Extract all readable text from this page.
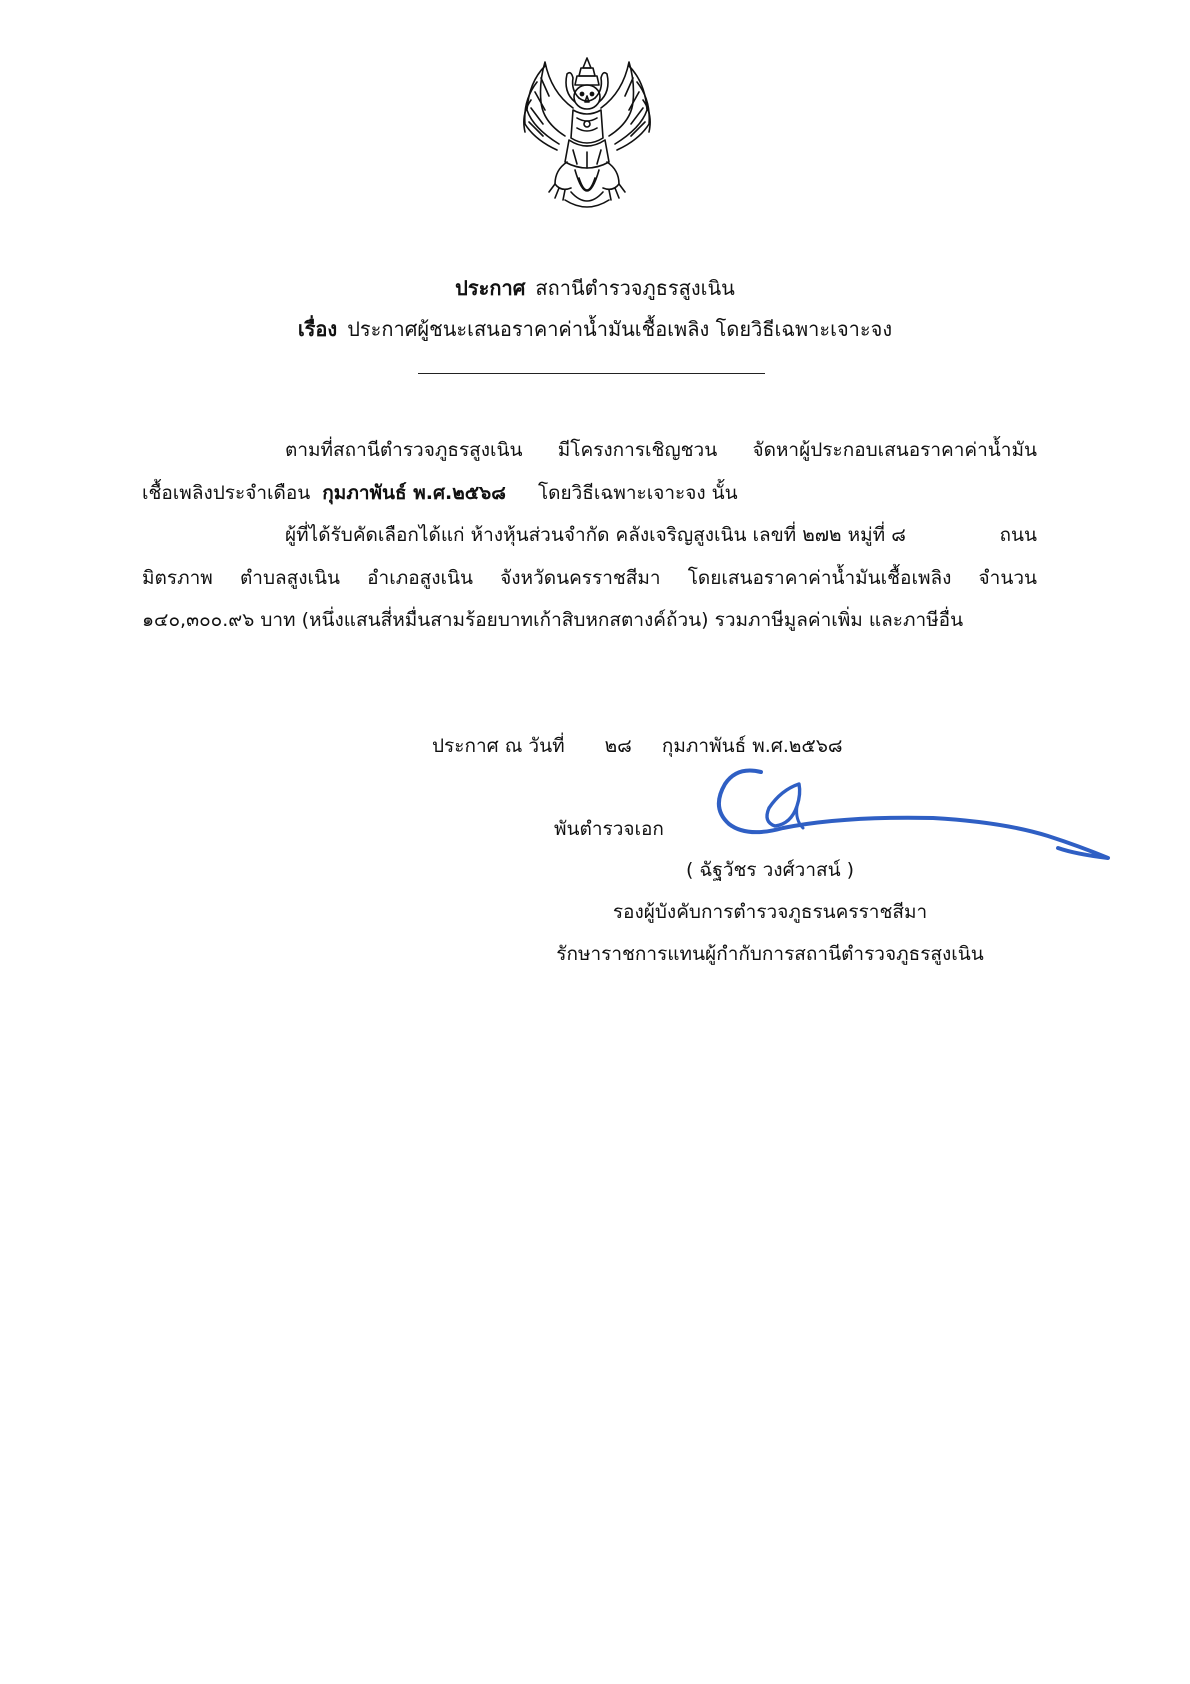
ประกาศ สถานีตำรวจภูธรสูงเนิน
เรื่อง ประกาศผู้ชนะเสนอราคาค่าน้ำมันเชื้อเพลิง โดยวิธีเฉพาะเจาะจง
ตามที่สถานีตำรวจภูธรสูงเนิน มีโครงการเชิญชวน จัดหาผู้ประกอบเสนอราคาค่าน้ำมัน
เชื้อเพลิงประจำเดือน กุมภาพันธ์ พ.ศ.๒๕๖๘ โดยวิธีเฉพาะเจาะจง นั้น
ผู้ที่ได้รับคัดเลือกได้แก่ ห้างหุ้นส่วนจำกัด คลังเจริญสูงเนิน เลขที่ ๒๗๒ หมู่ที่ ๘	ถนน
มิตรภาพ ตำบลสูงเนิน อำเภอสูงเนิน จังหวัดนครราชสีมา โดยเสนอราคาค่าน้ำมันเชื้อเพลิง จำนวน
๑๔๐,๓๐๐.๙๖ บาท (หนึ่งแสนสี่หมื่นสามร้อยบาทเก้าสิบหกสตางค์ถ้วน) รวมภาษีมูลค่าเพิ่ม และภาษีอื่น
ประกาศ ณ วันที่ ๒๘ กุมภาพันธ์ พ.ศ.๒๕๖๘
พันตำรวจเอก
( ฉัฐวัชร วงศ์วาสน์ )
รองผู้บังคับการตำรวจภูธรนครราชสีมา
รักษาราชการแทนผู้กำกับการสถานีตำรวจภูธรสูงเนิน
